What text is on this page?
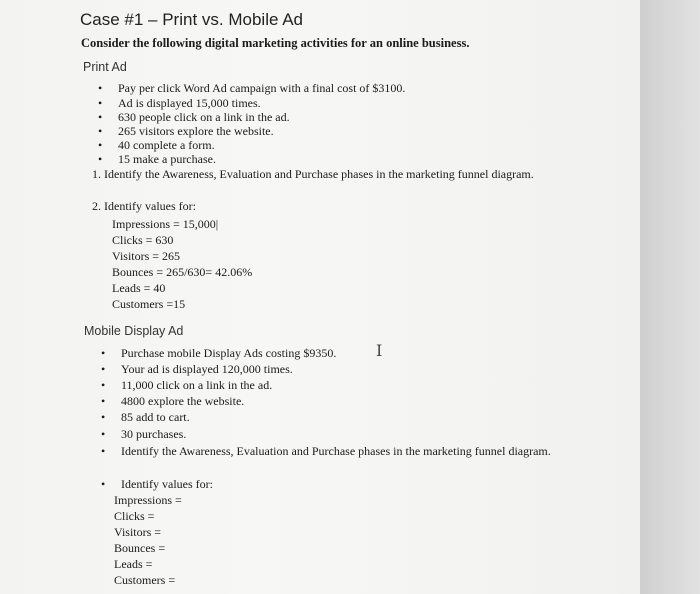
Case #1 – Print vs. Mobile Ad
Consider the following digital marketing activities for an online business.
Print Ad
• Pay per click Word Ad campaign with a final cost of $3100.
• Ad is displayed 15,000 times.
• 630 people click on a link in the ad.
• 265 visitors explore the website.
• 40 complete a form.
• 15 make a purchase.
1. Identify the Awareness, Evaluation and Purchase phases in the marketing funnel diagram.
2. Identify values for:
Impressions = 15,000|
Clicks = 630
Visitors = 265
Bounces = 265/630= 42.06%
Leads = 40
Customers =15
Mobile Display Ad
• Purchase mobile Display Ads costing $9350.
• Your ad is displayed 120,000 times.
• 11,000 click on a link in the ad.
• 4800 explore the website.
• 85 add to cart.
• 30 purchases.
• Identify the Awareness, Evaluation and Purchase phases in the marketing funnel diagram.
I
• Identify values for:
Impressions =
Clicks =
Visitors =
Bounces =
Leads =
Customers =
